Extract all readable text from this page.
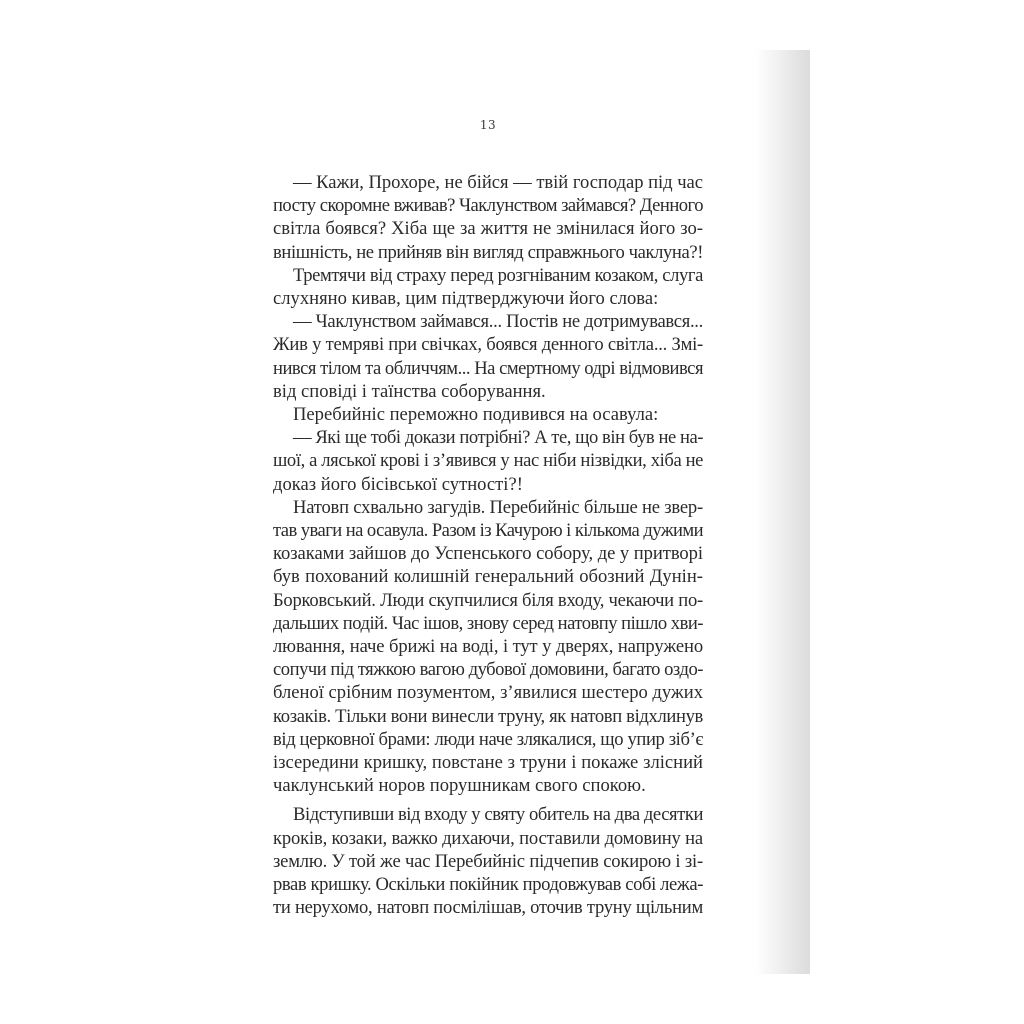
13

— Кажи, Прохоре, не бійся — твій господар під час
посту скоромне вживав? Чаклунством займався? Денного
світла боявся? Хіба ще за життя не змінилася його зо-
внішність, не прийняв він вигляд справжнього чаклуна?!

Тремтячи від страху перед розгніваним козаком, слуга
слухняно кивав, цим підтверджуючи його слова:

— Чаклунством займався... Постів не дотримувався...
Жив у темряві при свічках, боявся денного світла... Змі-
нився тілом та обличчям... На смертному одрі відмовився
від сповіді і таїнства соборування.

Перебийніс переможно подивився на осавула:

— Які ще тобі докази потрібні? А те, що він був не на-
шої, а ляської крові і з’явився у нас ніби нізвідки, хіба не
доказ його бісівської сутності?!

Натовп схвально загудів. Перебийніс більше не звер-
тав уваги на осавула. Разом із Качурою і кількома дужими
козаками зайшов до Успенського собору, де у притворі
був похований колишній генеральний обозний Дунін-
Борковський. Люди скупчилися біля входу, чекаючи по-
дальших подій. Час ішов, знову серед натовпу пішло хви-
лювання, наче брижі на воді, і тут у дверях, напружено
сопучи під тяжкою вагою дубової домовини, багато оздо-
бленої срібним позументом, з’явилися шестеро дужих
козаків. Тільки вони винесли труну, як натовп відхлинув
від церковної брами: люди наче злякалися, що упир зіб’є
ізсередини кришку, повстане з труни і покаже злісний
чаклунський норов порушникам свого спокою.

Відступивши від входу у святу обитель на два десятки
кроків, козаки, важко дихаючи, поставили домовину на
землю. У той же час Перебийніс підчепив сокирою і зі-
рвав кришку. Оскільки покійник продовжував собі лежа-
ти нерухомо, натовп посмілішав, оточив труну щільним
